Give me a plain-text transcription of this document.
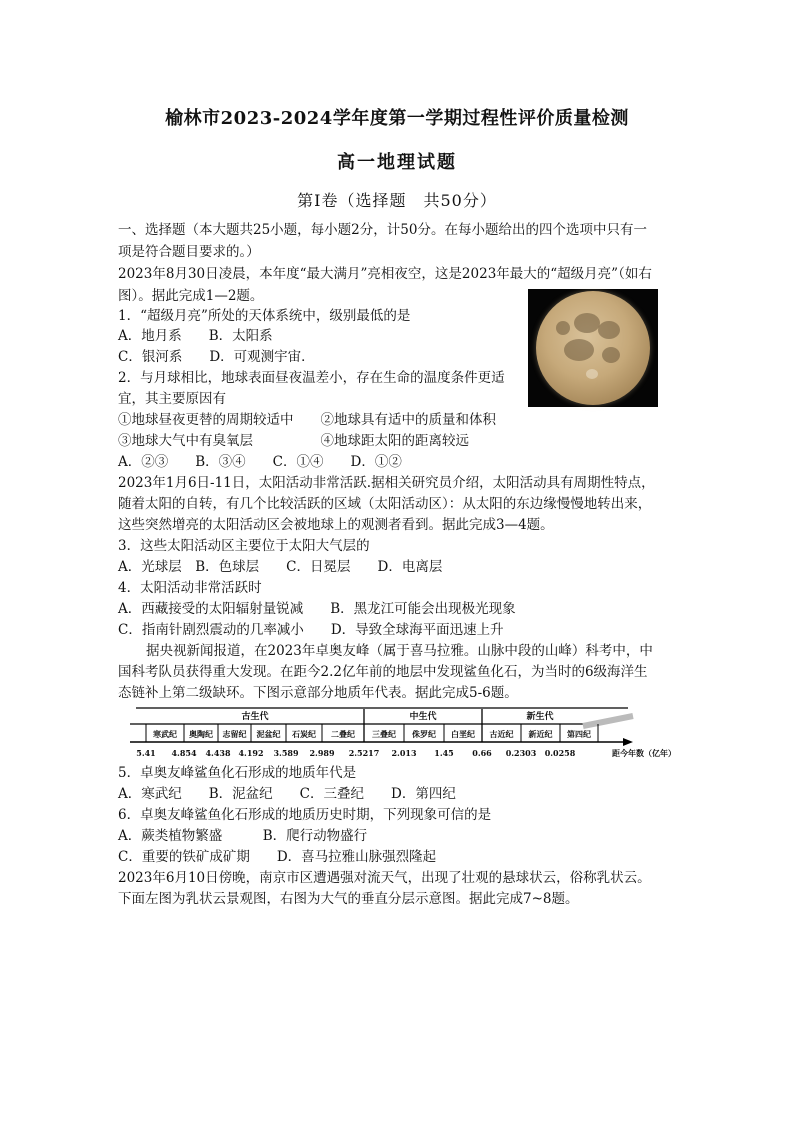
榆林市2023-2024学年度第一学期过程性评价质量检测
高一地理试题
第Ⅰ卷（选择题　共50分）
一、选择题（本大题共25小题，每小题2分，计50分。在每小题给出的四个选项中只有一
项是符合题目要求的。）
2023年8月30日凌晨，本年度“最大满月”亮相夜空，这是2023年最大的“超级月亮”（如右
图）。据此完成1—2题。
1．“超级月亮”所处的天体系统中，级别最低的是
A．地月系　　B．太阳系
C．银河系　　D．可观测宇宙．
2．与月球相比，地球表面昼夜温差小，存在生命的温度条件更适
宜，其主要原因有
①地球昼夜更替的周期较适中　　②地球具有适中的质量和体积
③地球大气中有臭氧层　　　　　④地球距太阳的距离较远
A．②③　　B．③④　　C．①④　　D．①②
2023年1月6日-11日，太阳活动非常活跃.据相关研究员介绍，太阳活动具有周期性特点，
随着太阳的自转，有几个比较活跃的区域（太阳活动区）：从太阳的东边缘慢慢地转出来，
这些突然增亮的太阳活动区会被地球上的观测者看到。据此完成3—4题。
3．这些太阳活动区主要位于太阳大气层的
A．光球层　B．色球层　　C．日冕层　　D．电离层
4．太阳活动非常活跃时
A．西藏接受的太阳辐射量锐减　　B．黑龙江可能会出现极光现象
C．指南针剧烈震动的几率减小　　D．导致全球海平面迅速上升
据央视新闻报道，在2023年卓奥友峰（属于喜马拉雅。山脉中段的山峰）科考中，中
国科考队员获得重大发现。在距今2.2亿年前的地层中发现鲨鱼化石，为当时的6级海洋生
态链补上第二级缺环。下图示意部分地质年代表。据此完成5-6题。
古生代	中生代	新生代
寒武纪 奥陶纪 志留纪 泥盆纪 石炭纪 二叠纪 三叠纪 侏罗纪 白垩纪 古近纪 新近纪 第四纪
5.41 4.854 4.438 4.192 3.589 2.989 2.5217 2.013 1.45 0.66 0.2303 0.0258	距今年数（亿年）
5．卓奥友峰鲨鱼化石形成的地质年代是
A．寒武纪　　B．泥盆纪　　C．三叠纪　　D．第四纪
6．卓奥友峰鲨鱼化石形成的地质历史时期，下列现象可信的是
A．蕨类植物繁盛　　　B．爬行动物盛行
C．重要的铁矿成矿期　　D．喜马拉雅山脉强烈隆起
2023年6月10日傍晚，南京市区遭遇强对流天气，出现了壮观的悬球状云，俗称乳状云。
下面左图为乳状云景观图，右图为大气的垂直分层示意图。据此完成7~8题。
